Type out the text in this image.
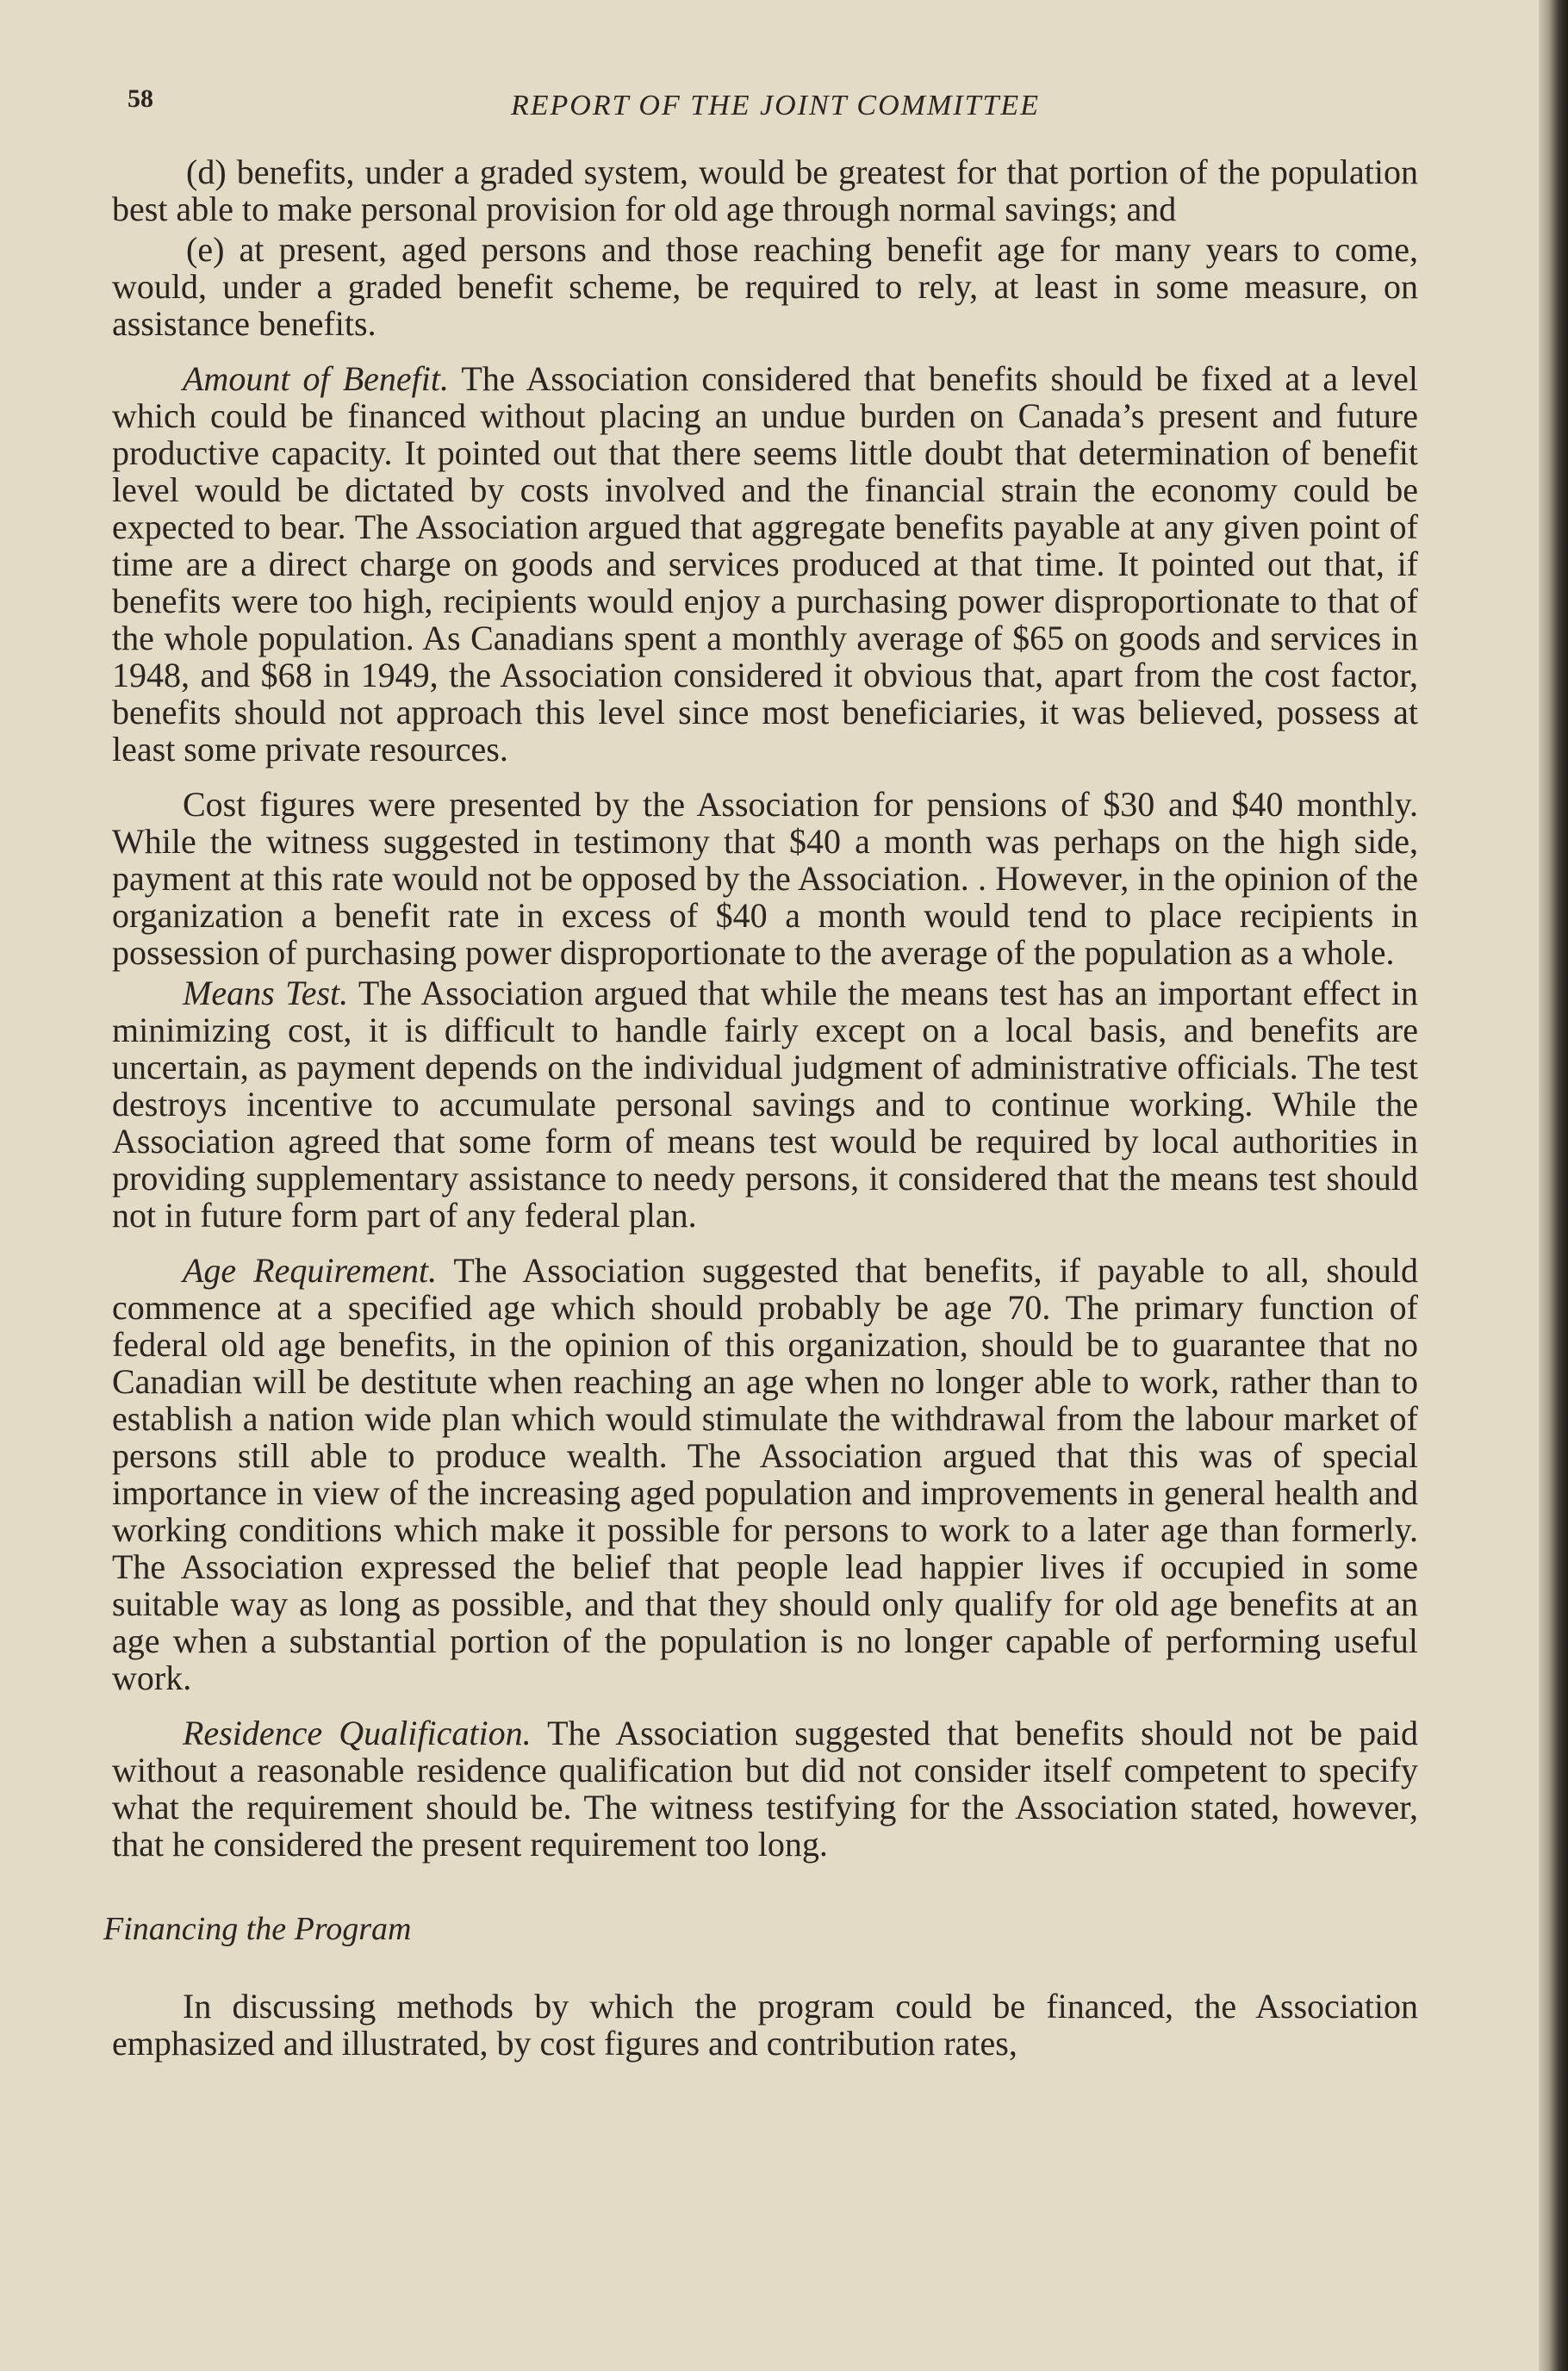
58	REPORT OF THE JOINT COMMITTEE

(d) benefits, under a graded system, would be greatest for that portion of the population best able to make personal provision for old age through normal savings; and

(e) at present, aged persons and those reaching benefit age for many years to come, would, under a graded benefit scheme, be required to rely, at least in some measure, on assistance benefits.

Amount of Benefit. The Association considered that benefits should be fixed at a level which could be financed without placing an undue burden on Canada’s present and future productive capacity. It pointed out that there seems little doubt that determination of benefit level would be dictated by costs involved and the financial strain the economy could be expected to bear. The Association argued that aggregate benefits payable at any given point of time are a direct charge on goods and services produced at that time. It pointed out that, if benefits were too high, recipients would enjoy a purchasing power disproportionate to that of the whole population. As Canadians spent a monthly average of $65 on goods and services in 1948, and $68 in 1949, the Association considered it obvious that, apart from the cost factor, benefits should not approach this level since most beneficiaries, it was believed, possess at least some private resources.

Cost figures were presented by the Association for pensions of $30 and $40 monthly. While the witness suggested in testimony that $40 a month was perhaps on the high side, payment at this rate would not be opposed by the Association. . However, in the opinion of the organization a benefit rate in excess of $40 a month would tend to place recipients in possession of purchasing power disproportionate to the average of the population as a whole.

Means Test. The Association argued that while the means test has an important effect in minimizing cost, it is difficult to handle fairly except on a local basis, and benefits are uncertain, as payment depends on the individual judgment of administrative officials. The test destroys incentive to accumulate personal savings and to continue working. While the Association agreed that some form of means test would be required by local authorities in providing supplementary assistance to needy persons, it considered that the means test should not in future form part of any federal plan.

Age Requirement. The Association suggested that benefits, if payable to all, should commence at a specified age which should probably be age 70. The primary function of federal old age benefits, in the opinion of this organization, should be to guarantee that no Canadian will be destitute when reaching an age when no longer able to work, rather than to establish a nation wide plan which would stimulate the withdrawal from the labour market of persons still able to produce wealth. The Association argued that this was of special importance in view of the increasing aged population and improvements in general health and working conditions which make it possible for persons to work to a later age than formerly. The Association expressed the belief that people lead happier lives if occupied in some suitable way as long as possible, and that they should only qualify for old age benefits at an age when a substantial portion of the population is no longer capable of performing useful work.

Residence Qualification. The Association suggested that benefits should not be paid without a reasonable residence qualification but did not consider itself competent to specify what the requirement should be. The witness testifying for the Association stated, however, that he considered the present requirement too long.

Financing the Program

In discussing methods by which the program could be financed, the Association emphasized and illustrated, by cost figures and contribution rates,
